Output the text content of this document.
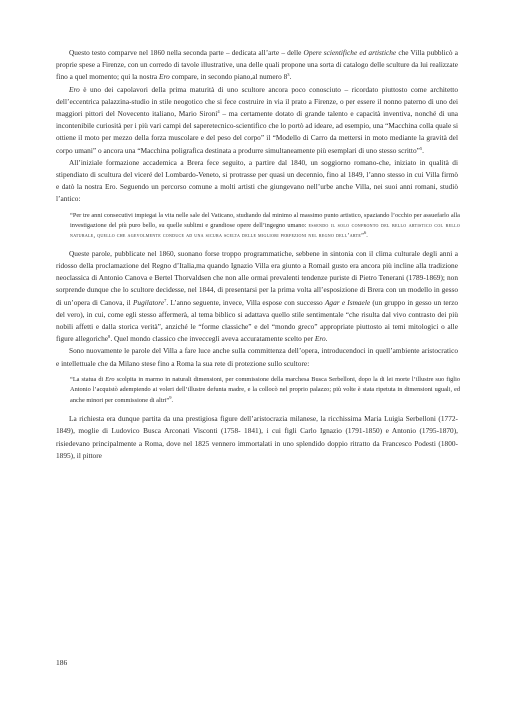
Questo testo comparve nel 1860 nella seconda parte – dedicata all’arte – delle Opere scientifiche ed artistiche che Villa pubblicò a proprie spese a Firenze, con un corredo di tavole illustrative, una delle quali propone una sorta di catalogo delle sculture da lui realizzate fino a quel momento; qui la nostra Ero compare, in secondo piano,al numero $8^3$.

Ero è uno dei capolavori della prima maturità di uno scultore ancora poco conosciuto – ricordato piuttosto come architetto dell’eccentrica palazzina-studio in stile neogotico che si fece costruire in via il prato a Firenze, o per essere il nonno paterno di uno dei maggiori pittori del Novecento italiano, Mario Sironi$^4$ – ma certamente dotato di grande talento e capacità inventiva, nonché di una incontenibile curiosità per i più vari campi del saperetecnico-scientifico che lo portò ad ideare, ad esempio, una “Macchina colla quale si ottiene il moto per mezzo della forza muscolare e del peso del corpo” il “Modello di Carro da mettersi in moto mediante la gravità del corpo umani” o ancora una “Macchina poligrafica destinata a produrre simultaneamente più esemplari di uno stesso scritto”$^5$.

All’iniziale formazione accademica a Brera fece seguito, a partire dal 1840, un soggiorno romano-che, iniziato in qualità di stipendiato di scultura del viceré del Lombardo-Veneto, si protrasse per quasi un decennio, fino al 1849, l’anno stesso in cui Villa firmò e datò la nostra Ero. Seguendo un percorso comune a molti artisti che giungevano nell’urbe anche Villa, nei suoi anni romani, studiò l’antico:

“Per tre anni consecutivi impiegai la vita nelle sale del Vaticano, studiando dal minimo al massimo punto artistico, spaziando l’occhio per assuefarlo alla investigazione del più puro bello, su quelle sublimi e grandiose opere dell’ingegno umano: essendo il solo confronto del bello artistico col bello naturale, quello che agevolmente conduce ad una sicura scelta delle migliori perfezioni nel regno dell’arte”$^6$.

Queste parole, pubblicate nel 1860, suonano forse troppo programmatiche, sebbene in sintonia con il clima culturale degli anni a ridosso della proclamazione del Regno d’Italia,ma quando Ignazio Villa era giunto a Romail gusto era ancora più incline alla tradizione neoclassica di Antonio Canova e Bertel Thorvaldsen che non alle ormai prevalenti tendenze puriste di Pietro Tenerani (1789-1869); non sorprende dunque che lo scultore decidesse, nel 1844, di presentarsi per la prima volta all’esposizione di Brera con un modello in gesso di un’opera di Canova, il Pugilatore$^7$. L’anno seguente, invece, Villa espose con successo Agar e Ismaele (un gruppo in gesso un terzo del vero), in cui, come egli stesso affermerà, al tema biblico si adattava quello stile sentimentale “che risulta dal vivo contrasto dei più nobili affetti e dalla storica verità”, anziché le “forme classiche” e del “mondo greco” appropriate piuttosto ai temi mitologici o alle figure allegoriche$^8$. Quel mondo classico che invecceglì aveva accuratamente scelto per Ero.

Sono nuovamente le parole del Villa a fare luce anche sulla committenza dell’opera, introducendoci in quell’ambiente aristocratico e intellettuale che da Milano stese fino a Roma la sua rete di protezione sullo scultore:

“La statua di Ero scolpita in marmo in naturali dimensioni, per commissione della marchesa Busca Serbelloni, dopo la di lei morte l’illustre suo figlio Antonio l’acquistò adempiendo ai voleri dell’illustre defunta madre, e la collocò nel proprio palazzo; più volte è stata ripetuta in dimensioni uguali, ed anche minori per commissione di altri”$^9$.

La richiesta era dunque partita da una prestigiosa figure dell’aristocrazia milanese, la ricchissima Maria Luigia Serbelloni (1772-1849), moglie di Ludovico Busca Arconati Visconti (1758- 1841), i cui figli Carlo Ignazio (1791-1850) e Antonio (1795-1870), risiedevano principalmente a Roma, dove nel 1825 vennero immortalati in uno splendido doppio ritratto da Francesco Podesti (1800-1895), il pittore

186
